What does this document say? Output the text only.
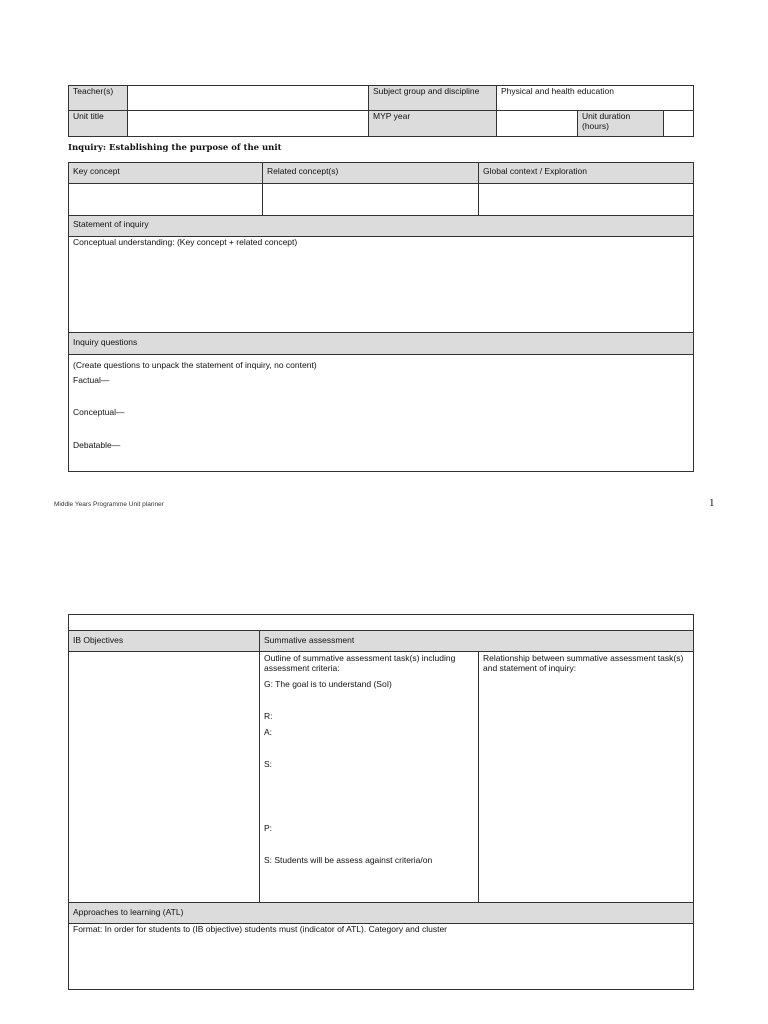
Teacher(s)	Subject group and discipline	Physical and health education
Unit title	MYP year	Unit duration (hours)
Inquiry: Establishing the purpose of the unit
Key concept	Related concept(s)	Global context / Exploration
Statement of inquiry
Conceptual understanding: (Key concept + related concept)
Inquiry questions
(Create questions to unpack the statement of inquiry, no content)
Factual—
Conceptual—
Debatable—
Middle Years Programme Unit planner	1
IB Objectives	Summative assessment
Outline of summative assessment task(s) including assessment criteria:
G: The goal is to understand (SoI)
R:
A:
S:
P:
S: Students will be assess against criteria/on
Relationship between summative assessment task(s) and statement of inquiry:
Approaches to learning (ATL)
Format: In order for students to (IB objective) students must (indicator of ATL). Category and cluster
